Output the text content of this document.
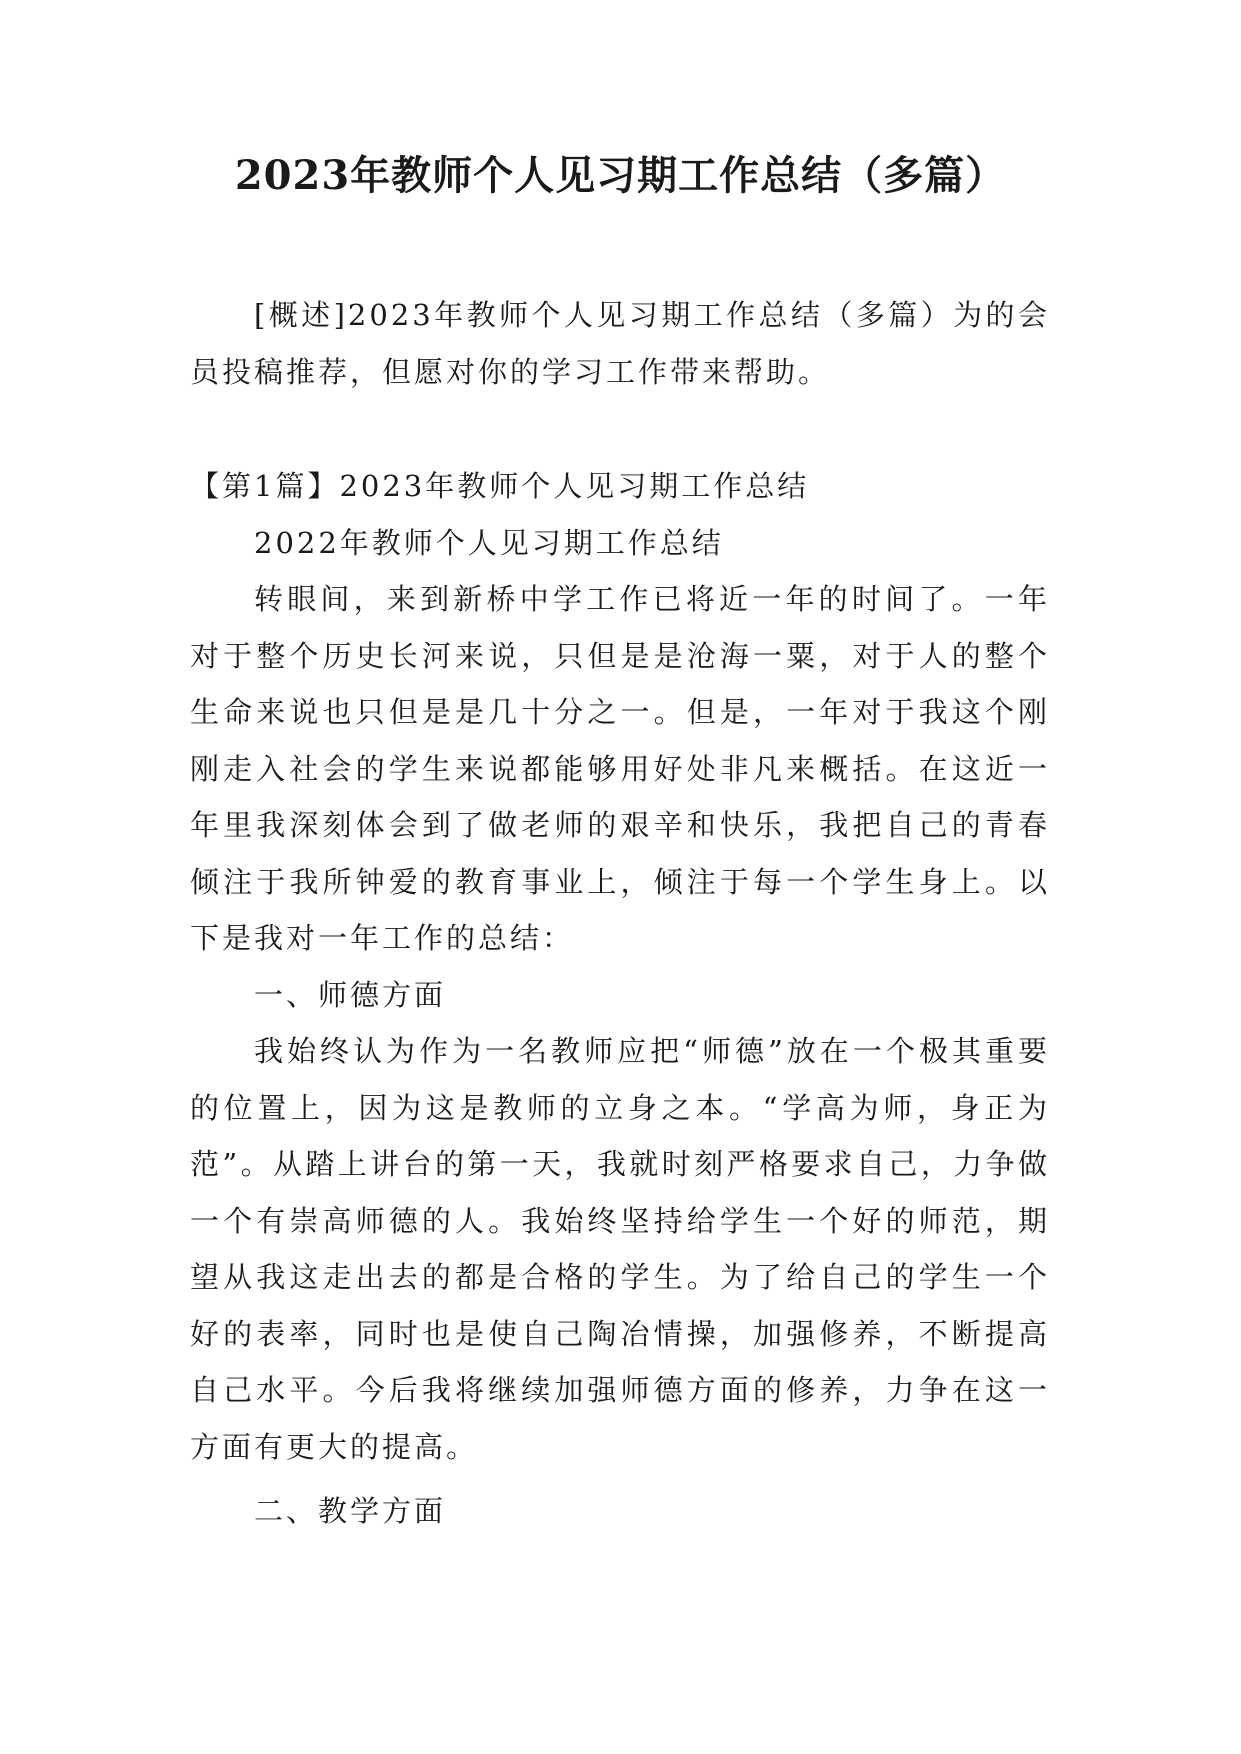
2023年教师个人见习期工作总结（多篇）

[概述]2023年教师个人见习期工作总结（多篇）为的会员投稿推荐，但愿对你的学习工作带来帮助。

【第1篇】2023年教师个人见习期工作总结

2022年教师个人见习期工作总结

转眼间，来到新桥中学工作已将近一年的时间了。一年对于整个历史长河来说，只但是是沧海一粟，对于人的整个生命来说也只但是是几十分之一。但是，一年对于我这个刚刚走入社会的学生来说都能够用好处非凡来概括。在这近一年里我深刻体会到了做老师的艰辛和快乐，我把自己的青春倾注于我所钟爱的教育事业上，倾注于每一个学生身上。以下是我对一年工作的总结：

一、师德方面

我始终认为作为一名教师应把“师德”放在一个极其重要的位置上，因为这是教师的立身之本。“学高为师，身正为范”。从踏上讲台的第一天，我就时刻严格要求自己，力争做一个有崇高师德的人。我始终坚持给学生一个好的师范，期望从我这走出去的都是合格的学生。为了给自己的学生一个好的表率，同时也是使自己陶冶情操，加强修养，不断提高自己水平。今后我将继续加强师德方面的修养，力争在这一方面有更大的提高。

二、教学方面
